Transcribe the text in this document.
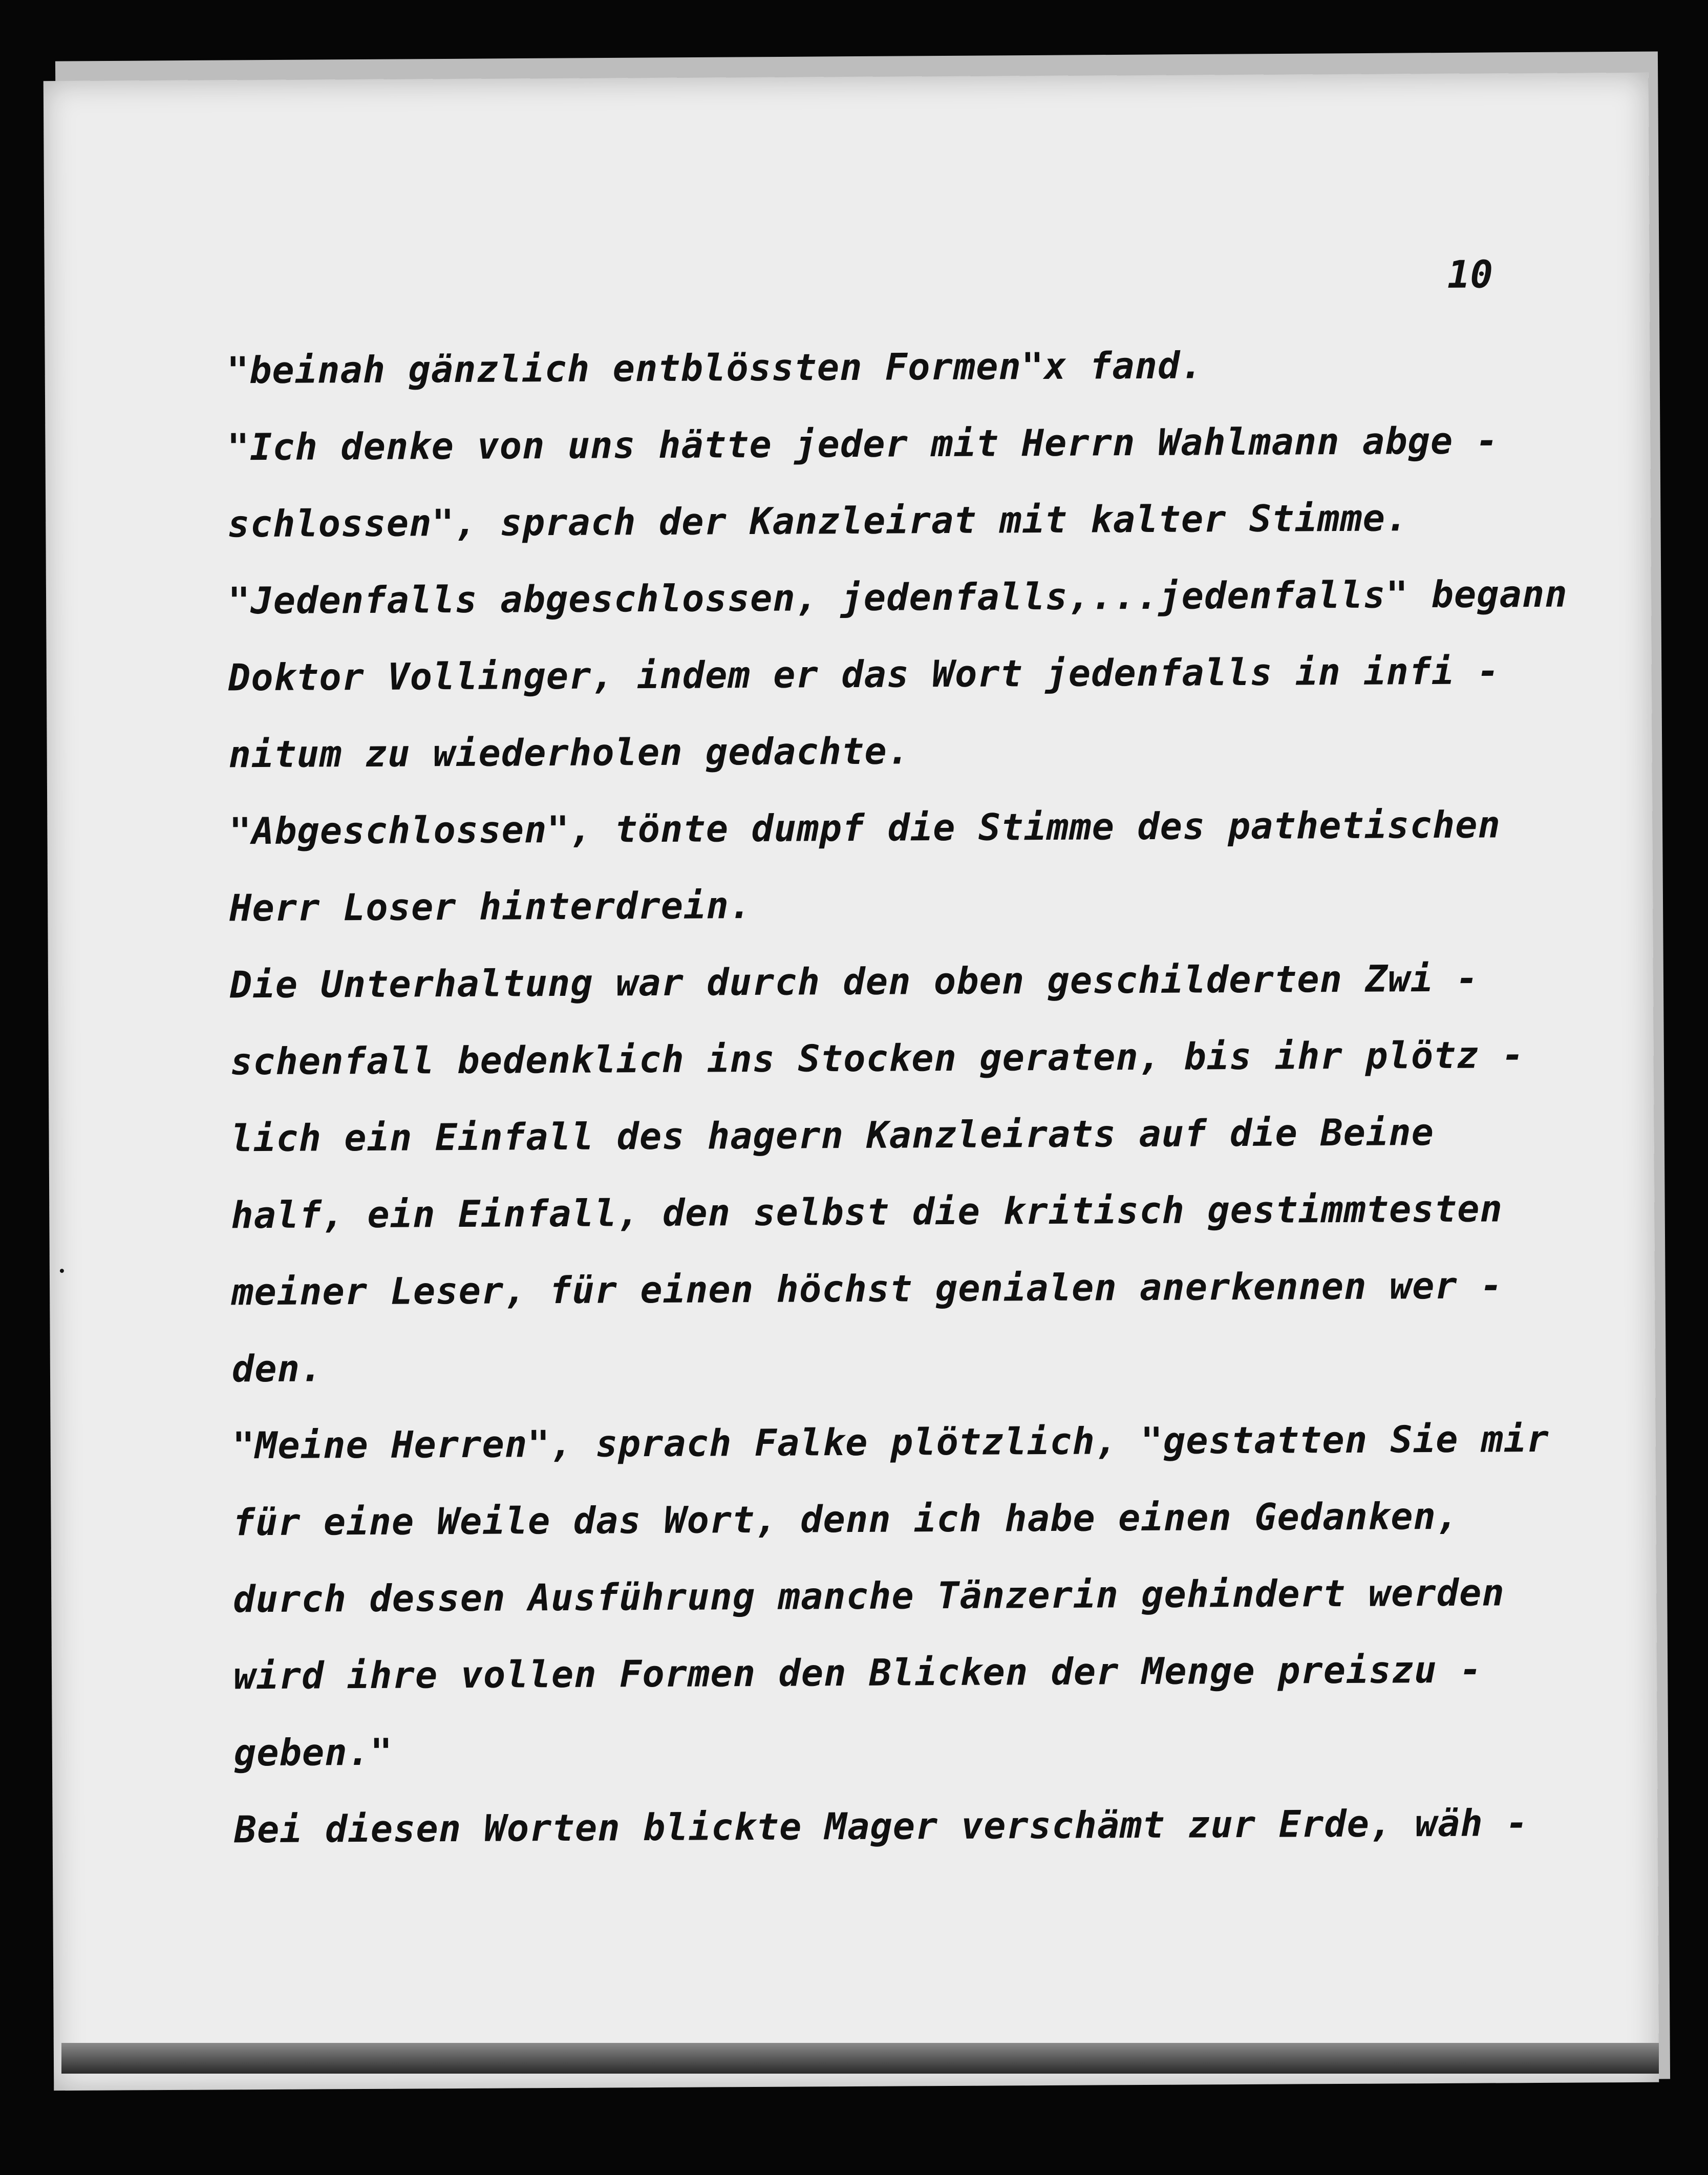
10
"beinah gänzlich entblössten Formen"x fand.
"Ich denke von uns hätte jeder mit Herrn Wahlmann abge -
schlossen", sprach der Kanzleirat mit kalter Stimme.
"Jedenfalls abgeschlossen, jedenfalls,...jedenfalls" begann
Doktor Vollinger, indem er das Wort jedenfalls in infi -
nitum zu wiederholen gedachte.
"Abgeschlossen", tönte dumpf die Stimme des pathetischen
Herr Loser hinterdrein.
Die Unterhaltung war durch den oben geschilderten Zwi -
schenfall bedenklich ins Stocken geraten, bis ihr plötz -
lich ein Einfall des hagern Kanzleirats auf die Beine
half, ein Einfall, den selbst die kritisch gestimmtesten
meiner Leser, für einen höchst genialen anerkennen wer -
den.
"Meine Herren", sprach Falke plötzlich, "gestatten Sie mir
für eine Weile das Wort, denn ich habe einen Gedanken,
durch dessen Ausführung manche Tänzerin gehindert werden
wird ihre vollen Formen den Blicken der Menge preiszu -
geben."
Bei diesen Worten blickte Mager verschämt zur Erde, wäh -
